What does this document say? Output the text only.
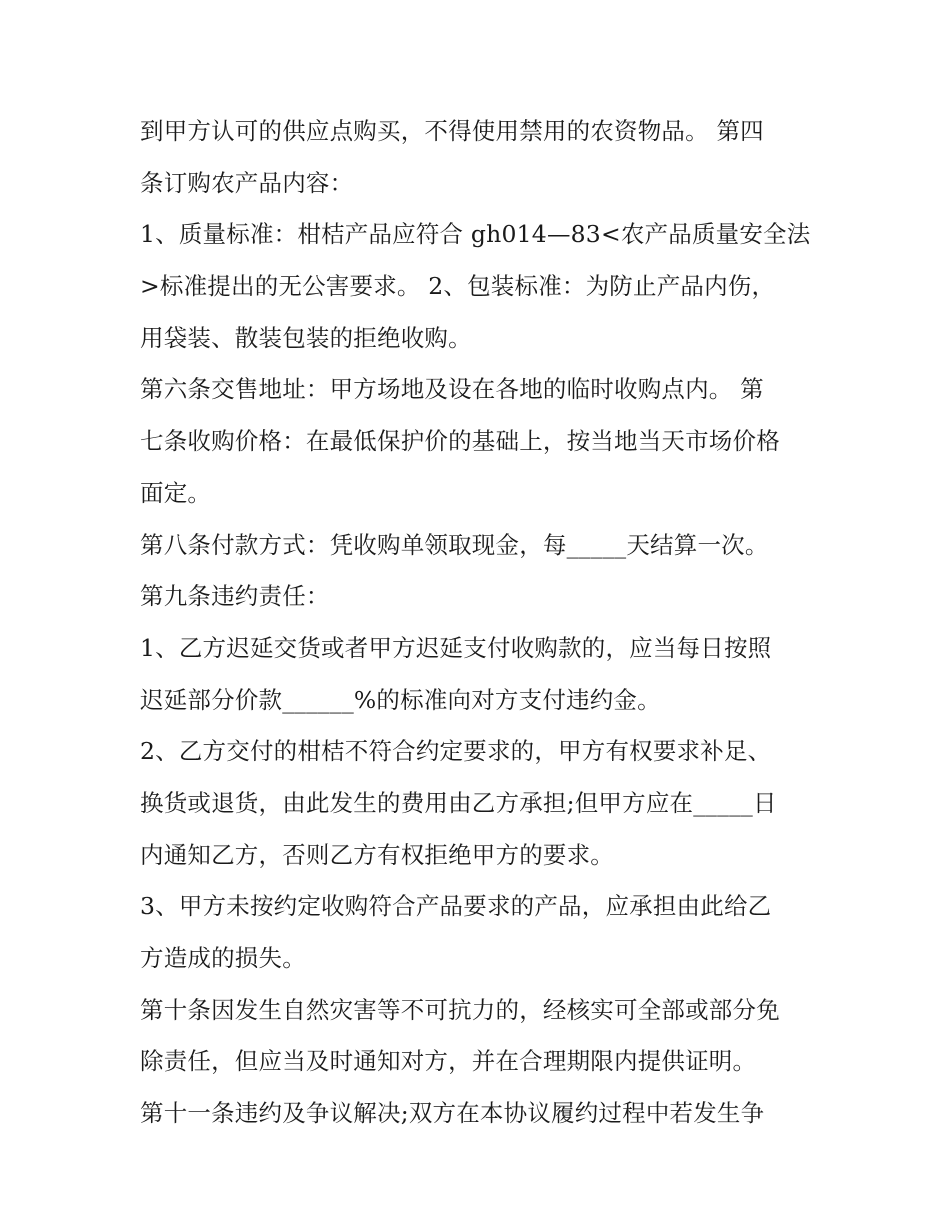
到甲方认可的供应点购买，不得使用禁用的农资物品。 第四
条订购农产品内容：
1、质量标准：柑桔产品应符合 gh014—83<农产品质量安全法
>标准提出的无公害要求。 2、包装标准：为防止产品内伤，
用袋装、散装包装的拒绝收购。
第六条交售地址：甲方场地及设在各地的临时收购点内。 第
七条收购价格：在最低保护价的基础上，按当地当天市场价格
面定。
第八条付款方式：凭收购单领取现金，每_____天结算一次。
第九条违约责任：
1、乙方迟延交货或者甲方迟延支付收购款的，应当每日按照
迟延部分价款______%的标准向对方支付违约金。
2、乙方交付的柑桔不符合约定要求的，甲方有权要求补足、
换货或退货，由此发生的费用由乙方承担;但甲方应在_____日
内通知乙方，否则乙方有权拒绝甲方的要求。
3、甲方未按约定收购符合产品要求的产品，应承担由此给乙
方造成的损失。
第十条因发生自然灾害等不可抗力的，经核实可全部或部分免
除责任，但应当及时通知对方，并在合理期限内提供证明。
第十一条违约及争议解决;双方在本协议履约过程中若发生争
